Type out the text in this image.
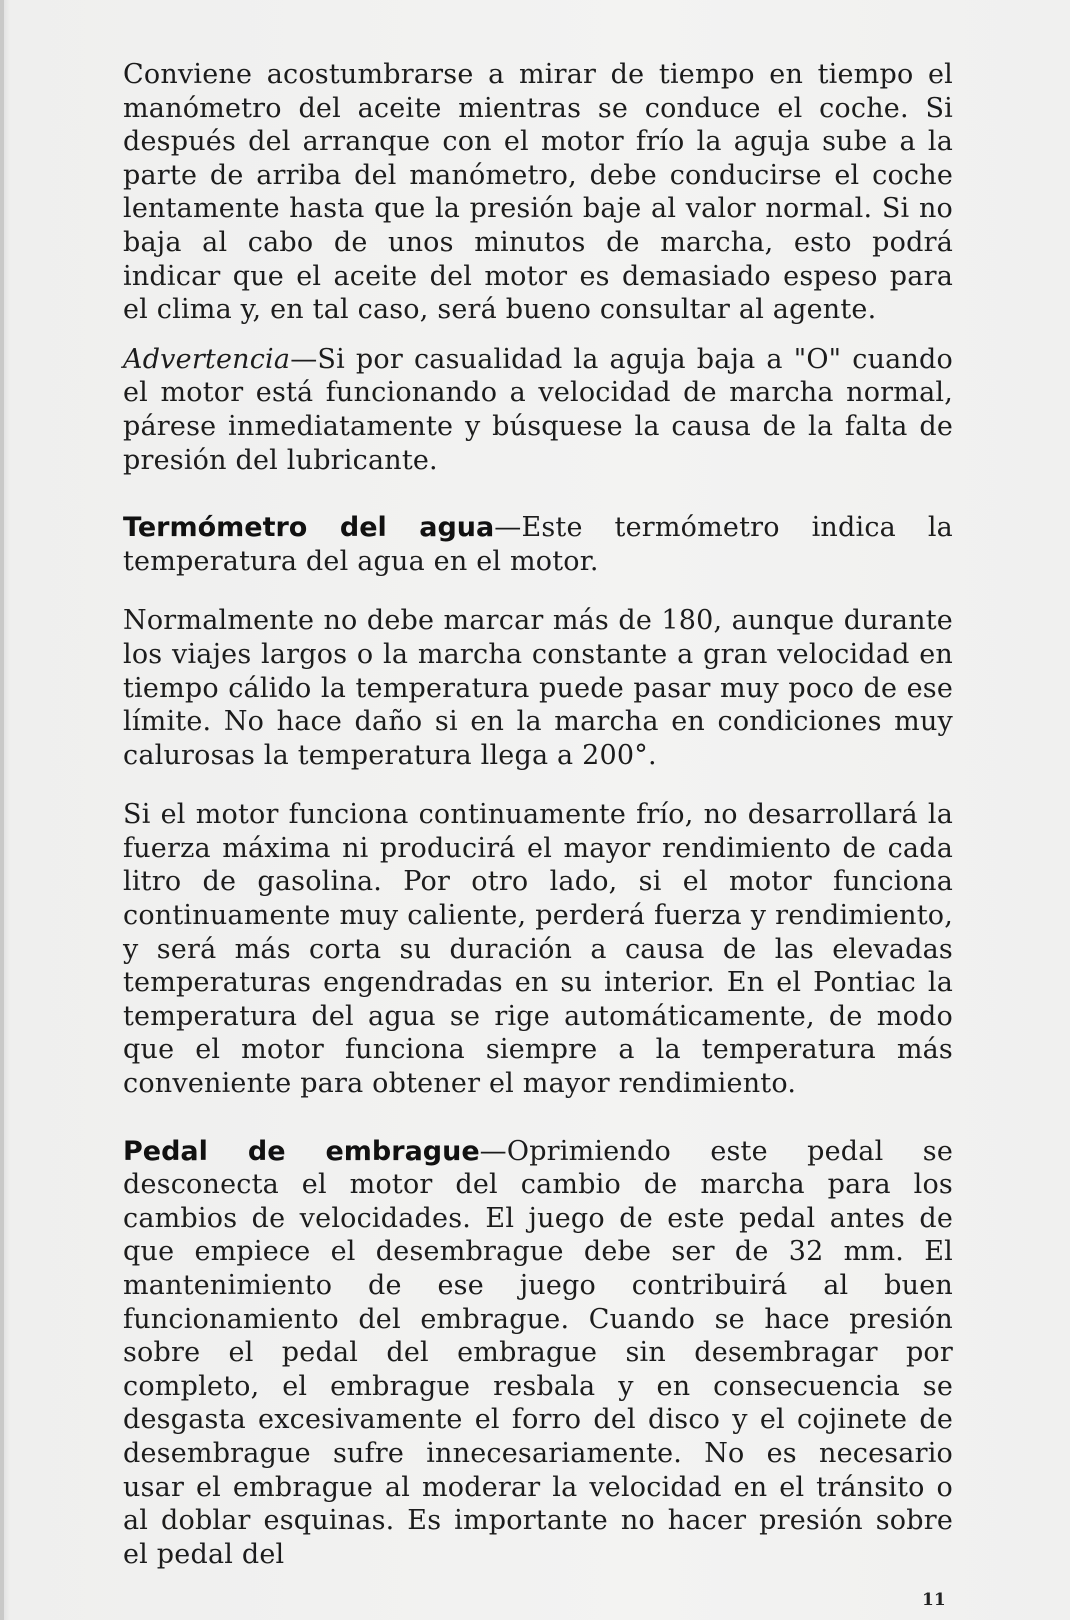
Conviene acostumbrarse a mirar de tiempo en tiempo el manómetro del aceite mientras se conduce el coche. Si después del arranque con el motor frío la aguja sube a la parte de arriba del manómetro, debe conducirse el coche lentamente hasta que la presión baje al valor normal. Si no baja al cabo de unos minutos de marcha, esto podrá indicar que el aceite del motor es demasiado espeso para el clima y, en tal caso, será bueno consultar al agente.

Advertencia—Si por casualidad la aguja baja a "O" cuando el motor está funcionando a velocidad de marcha normal, párese inmediatamente y búsquese la causa de la falta de presión del lubricante.

Termómetro del agua—Este termómetro indica la temperatura del agua en el motor.

Normalmente no debe marcar más de 180, aunque durante los viajes largos o la marcha constante a gran velocidad en tiempo cálido la temperatura puede pasar muy poco de ese límite. No hace daño si en la marcha en condiciones muy calurosas la temperatura llega a 200°.

Si el motor funciona continuamente frío, no desarrollará la fuerza máxima ni producirá el mayor rendimiento de cada litro de gasolina. Por otro lado, si el motor funciona continuamente muy caliente, perderá fuerza y rendimiento, y será más corta su duración a causa de las elevadas temperaturas engendradas en su interior. En el Pontiac la temperatura del agua se rige automáticamente, de modo que el motor funciona siempre a la temperatura más conveniente para obtener el mayor rendimiento.

Pedal de embrague—Oprimiendo este pedal se desconecta el motor del cambio de marcha para los cambios de velocidades. El juego de este pedal antes de que empiece el desembrague debe ser de 32 mm. El mantenimiento de ese juego contribuirá al buen funcionamiento del embrague. Cuando se hace presión sobre el pedal del embrague sin desembragar por completo, el embrague resbala y en consecuencia se desgasta excesivamente el forro del disco y el cojinete de desembrague sufre innecesariamente. No es necesario usar el embrague al moderar la velocidad en el tránsito o al doblar esquinas. Es importante no hacer presión sobre el pedal del

11
